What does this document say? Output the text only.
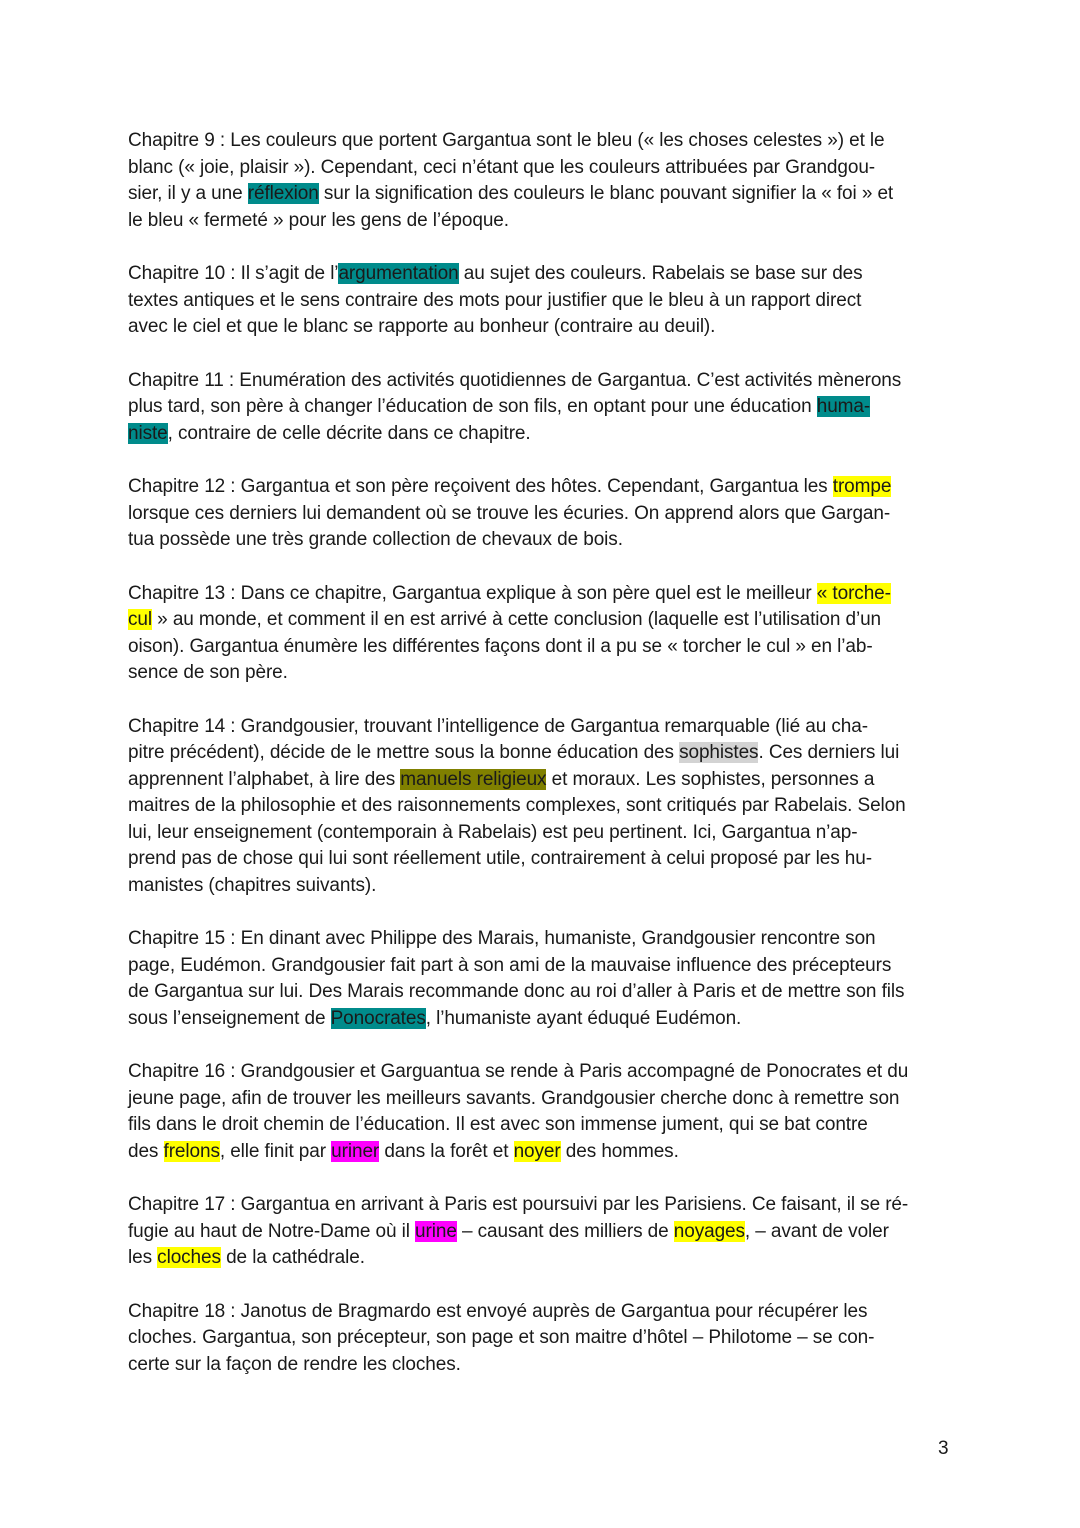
Chapitre 9 : Les couleurs que portent Gargantua sont le bleu (« les choses celestes ») et le
blanc (« joie, plaisir »). Cependant, ceci n’étant que les couleurs attribuées par Grandgou-
sier, il y a une réflexion sur la signification des couleurs le blanc pouvant signifier la « foi » et
le bleu « fermeté » pour les gens de l’époque.

Chapitre 10 : Il s’agit de l’argumentation au sujet des couleurs. Rabelais se base sur des
textes antiques et le sens contraire des mots pour justifier que le bleu à un rapport direct
avec le ciel et que le blanc se rapporte au bonheur (contraire au deuil).

Chapitre 11 : Enumération des activités quotidiennes de Gargantua. C’est activités mènerons
plus tard, son père à changer l’éducation de son fils, en optant pour une éducation huma-
niste, contraire de celle décrite dans ce chapitre.

Chapitre 12 : Gargantua et son père reçoivent des hôtes. Cependant, Gargantua les trompe
lorsque ces derniers lui demandent où se trouve les écuries. On apprend alors que Gargan-
tua possède une très grande collection de chevaux de bois.

Chapitre 13 : Dans ce chapitre, Gargantua explique à son père quel est le meilleur « torche-
cul » au monde, et comment il en est arrivé à cette conclusion (laquelle est l’utilisation d’un
oison). Gargantua énumère les différentes façons dont il a pu se « torcher le cul » en l’ab-
sence de son père.

Chapitre 14 : Grandgousier, trouvant l’intelligence de Gargantua remarquable (lié au cha-
pitre précédent), décide de le mettre sous la bonne éducation des sophistes. Ces derniers lui
apprennent l’alphabet, à lire des manuels religieux et moraux. Les sophistes, personnes a
maitres de la philosophie et des raisonnements complexes, sont critiqués par Rabelais. Selon
lui, leur enseignement (contemporain à Rabelais) est peu pertinent. Ici, Gargantua n’ap-
prend pas de chose qui lui sont réellement utile, contrairement à celui proposé par les hu-
manistes (chapitres suivants).

Chapitre 15 : En dinant avec Philippe des Marais, humaniste, Grandgousier rencontre son
page, Eudémon. Grandgousier fait part à son ami de la mauvaise influence des précepteurs
de Gargantua sur lui. Des Marais recommande donc au roi d’aller à Paris et de mettre son fils
sous l’enseignement de Ponocrates, l’humaniste ayant éduqué Eudémon.

Chapitre 16 : Grandgousier et Garguantua se rende à Paris accompagné de Ponocrates et du
jeune page, afin de trouver les meilleurs savants. Grandgousier cherche donc à remettre son
fils dans le droit chemin de l’éducation. Il est avec son immense jument, qui se bat contre
des frelons, elle finit par uriner dans la forêt et noyer des hommes.

Chapitre 17 : Gargantua en arrivant à Paris est poursuivi par les Parisiens. Ce faisant, il se ré-
fugie au haut de Notre-Dame où il urine – causant des milliers de noyages, – avant de voler
les cloches de la cathédrale.

Chapitre 18 : Janotus de Bragmardo est envoyé auprès de Gargantua pour récupérer les
cloches. Gargantua, son précepteur, son page et son maitre d’hôtel – Philotome – se con-
certe sur la façon de rendre les cloches.

3
